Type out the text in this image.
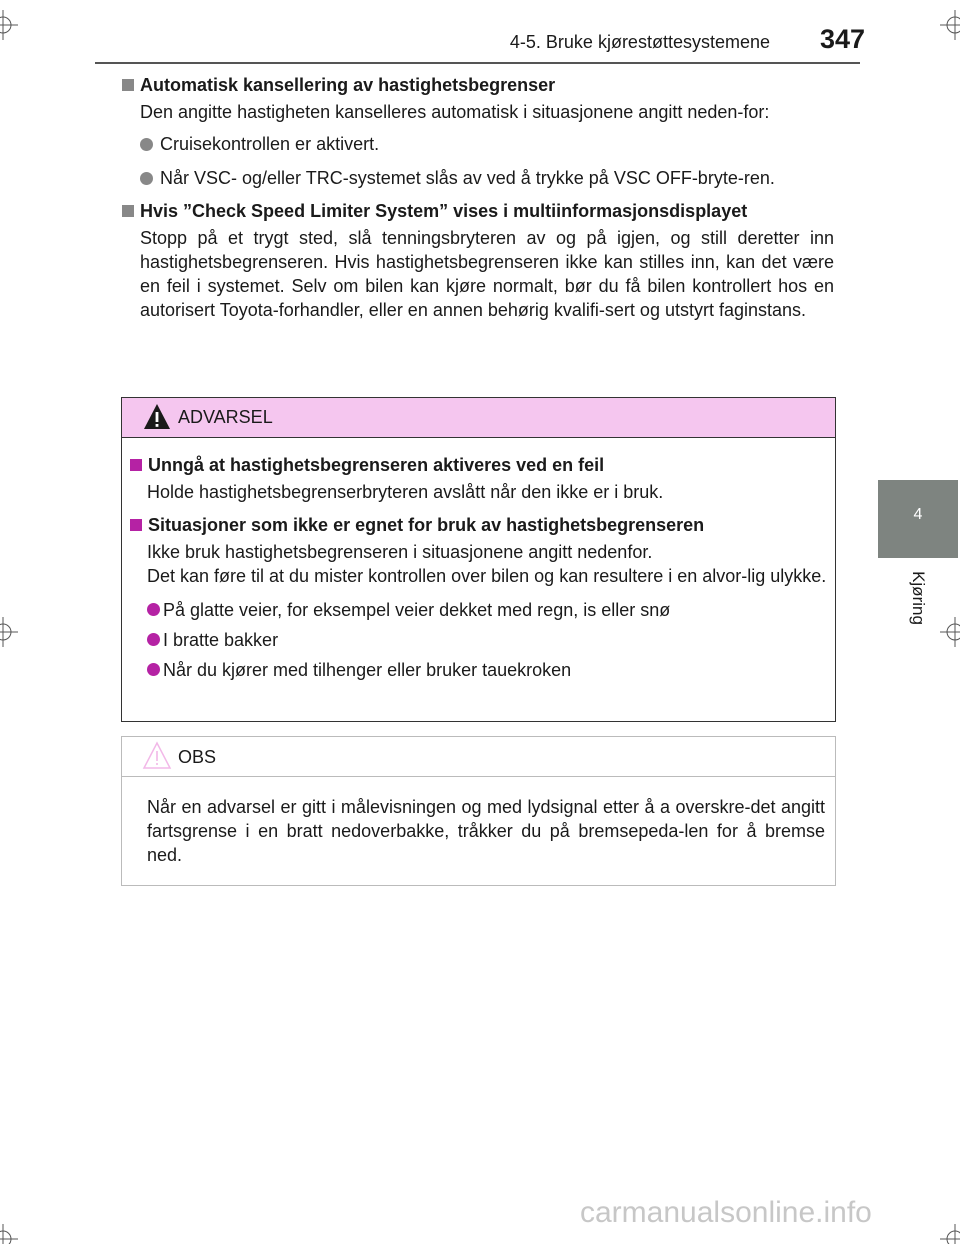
4-5. Bruke kjørestøttesystemene 347
4
Kjøring
Automatisk kansellering av hastighetsbegrenser
Den angitte hastigheten kanselleres automatisk i situasjonene angitt neden-for:
Cruisekontrollen er aktivert.
Når VSC- og/eller TRC-systemet slås av ved å trykke på VSC OFF-bryte-ren.
Hvis ”Check Speed Limiter System” vises i multiinformasjonsdisplayet
Stopp på et trygt sted, slå tenningsbryteren av og på igjen, og still deretter inn hastighetsbegrenseren. Hvis hastighetsbegrenseren ikke kan stilles inn, kan det være en feil i systemet. Selv om bilen kan kjøre normalt, bør du få bilen kontrollert hos en autorisert Toyota-forhandler, eller en annen behørig kvalifi-sert og utstyrt faginstans.
ADVARSEL
Unngå at hastighetsbegrenseren aktiveres ved en feil
Holde hastighetsbegrenserbryteren avslått når den ikke er i bruk.
Situasjoner som ikke er egnet for bruk av hastighetsbegrenseren
Ikke bruk hastighetsbegrenseren i situasjonene angitt nedenfor.
Det kan føre til at du mister kontrollen over bilen og kan resultere i en alvor-lig ulykke.
På glatte veier, for eksempel veier dekket med regn, is eller snø
I bratte bakker
Når du kjører med tilhenger eller bruker tauekroken
OBS
Når en advarsel er gitt i målevisningen og med lydsignal etter å a overskre-det angitt fartsgrense i en bratt nedoverbakke, tråkker du på bremsepeda-len for å bremse ned.
carmanualsonline.info
